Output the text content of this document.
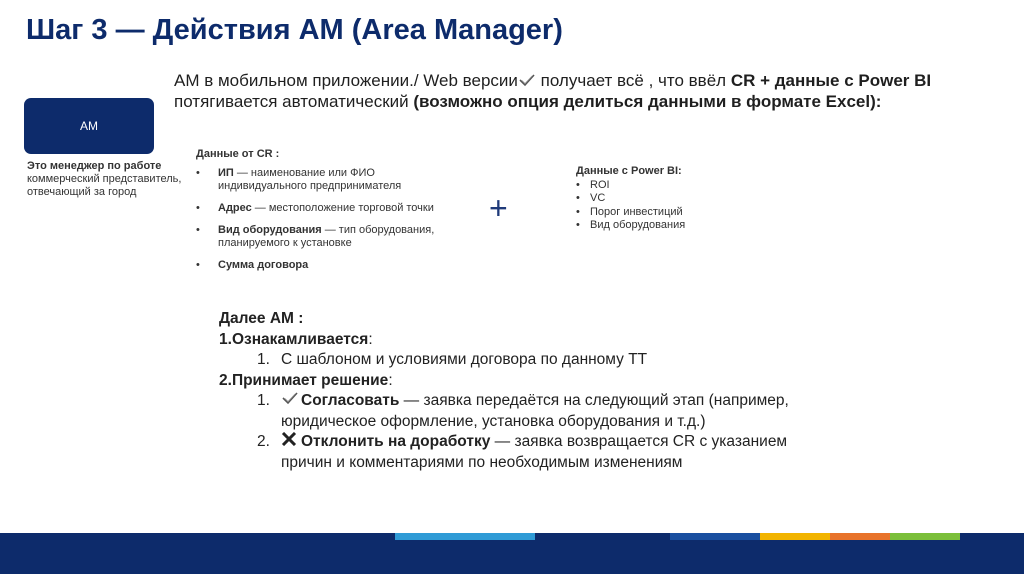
Шаг 3 — Действия АМ (Area Manager)
АМ в мобильном приложении./ Web версии получает всё , что ввёл CR + данные с Power BI потягивается автоматический (возможно опция делиться данными в формате Excel):
АМ
Это менеджер по работе коммерческий представитель, отвечающий за город
Данные от CR :
• ИП — наименование или ФИО индивидуального предпринимателя
• Адрес — местоположение торговой точки
• Вид оборудования — тип оборудования, планируемого к установке
• Сумма договора
+
Данные с Power BI:
• ROI
• VC
• Порог инвестиций
• Вид оборудования
Далее АМ :
1.Ознакамливается:
1. С шаблоном и условиями договора по данному ТТ
2.Принимает решение:
1.	Согласовать — заявка передаётся на следующий этап (например, юридическое оформление, установка оборудования и т.д.)
2.	Отклонить на доработку — заявка возвращается CR с указанием причин и комментариями по необходимым изменениям
